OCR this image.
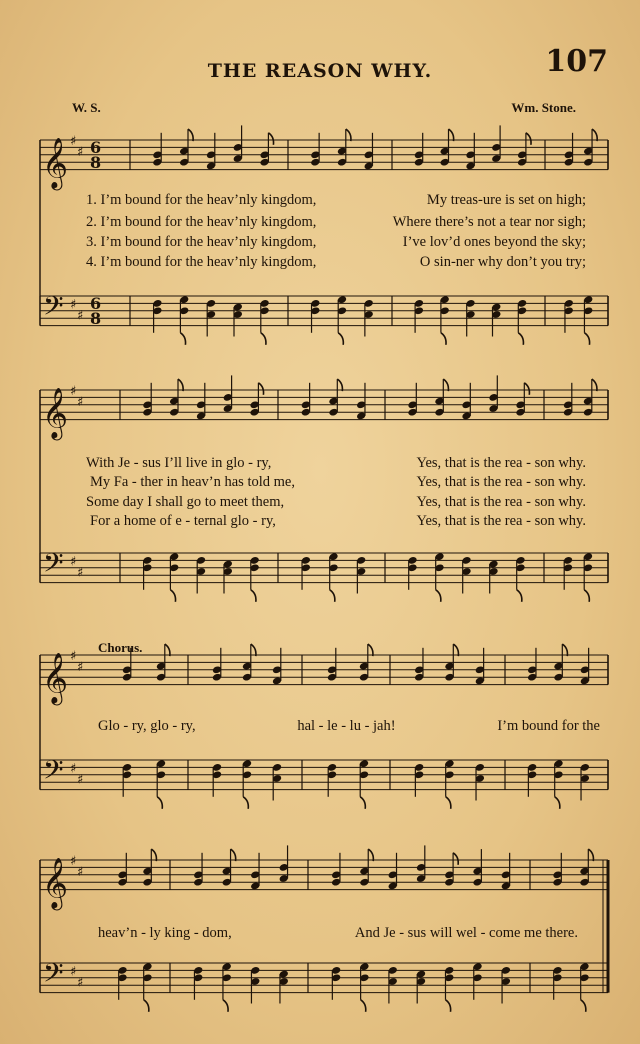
𝄞 ♯
♯ 6
8
𝄢 ♯
♯
6
8
𝄞 ♯
♯
𝄢 ♯
♯
𝄞 ♯
♯
𝄢 ♯
♯
𝄞 ♯
♯
𝄢 ♯
♯
THE REASON WHY.	107
W. S.	Wm. Stone.
Chorus.
1. I’m bound for the heav’nly kingdom,	My treas-ure is set on high;
2. I’m bound for the heav’nly kingdom,	Where there’s not a tear nor sigh;
3. I’m bound for the heav’nly kingdom,	I’ve lov’d ones beyond the sky;
4. I’m bound for the heav’nly kingdom,	O sin-ner why don’t you try;
With Je - sus I’ll live in glo - ry,	Yes, that is the rea - son why.
My Fa - ther in heav’n has told me,	Yes, that is the rea - son why.
Some day I shall go to meet them,	Yes, that is the rea - son why.
For a home of e - ternal glo - ry,	Yes, that is the rea - son why.
Glo - ry, glo - ry,	hal - le - lu - jah!	I’m bound for the
heav’n - ly king - dom,	And Je - sus will wel - come me there.
